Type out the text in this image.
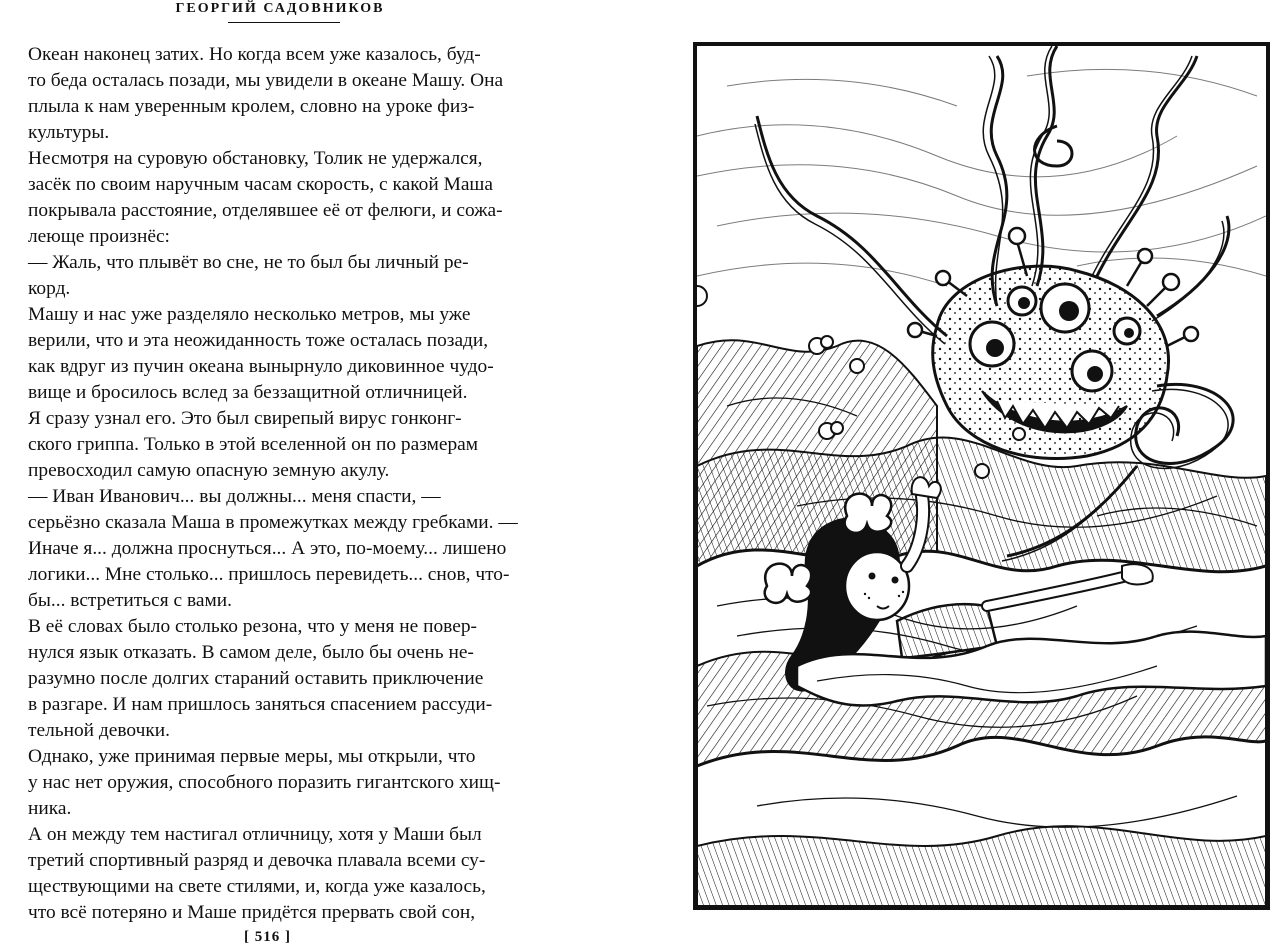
ГЕОРГИЙ САДОВНИКОВ

Океан наконец затих. Но когда всем уже казалось, буд-
то беда осталась позади, мы увидели в океане Машу. Она
плыла к нам уверенным кролем, словно на уроке физ-
культуры.

Несмотря на суровую обстановку, Толик не удержался,
засёк по своим наручным часам скорость, с какой Маша
покрывала расстояние, отделявшее её от фелюги, и сожа-
леюще произнёс:

— Жаль, что плывёт во сне, не то был бы личный ре-
корд.

Машу и нас уже разделяло несколько метров, мы уже
верили, что и эта неожиданность тоже осталась позади,
как вдруг из пучин океана вынырнуло диковинное чудо-
вище и бросилось вслед за беззащитной отличницей.

Я сразу узнал его. Это был свирепый вирус гонконг-
ского гриппа. Только в этой вселенной он по размерам
превосходил самую опасную земную акулу.

— Иван Иванович... вы должны... меня спасти, —
серьёзно сказала Маша в промежутках между гребками. —
Иначе я... должна проснуться... А это, по-моему... лишено
логики... Мне столько... пришлось перевидеть... снов, что-
бы... встретиться с вами.

В её словах было столько резона, что у меня не повер-
нулся язык отказать. В самом деле, было бы очень не-
разумно после долгих стараний оставить приключение
в разгаре. И нам пришлось заняться спасением рассуди-
тельной девочки.

Однако, уже принимая первые меры, мы открыли, что
у нас нет оружия, способного поразить гигантского хищ-
ника.

А он между тем настигал отличницу, хотя у Маши был
третий спортивный разряд и девочка плавала всеми су-
ществующими на свете стилями, и, когда уже казалось,
что всё потеряно и Маше придётся прервать свой сон,

[ 516 ]
